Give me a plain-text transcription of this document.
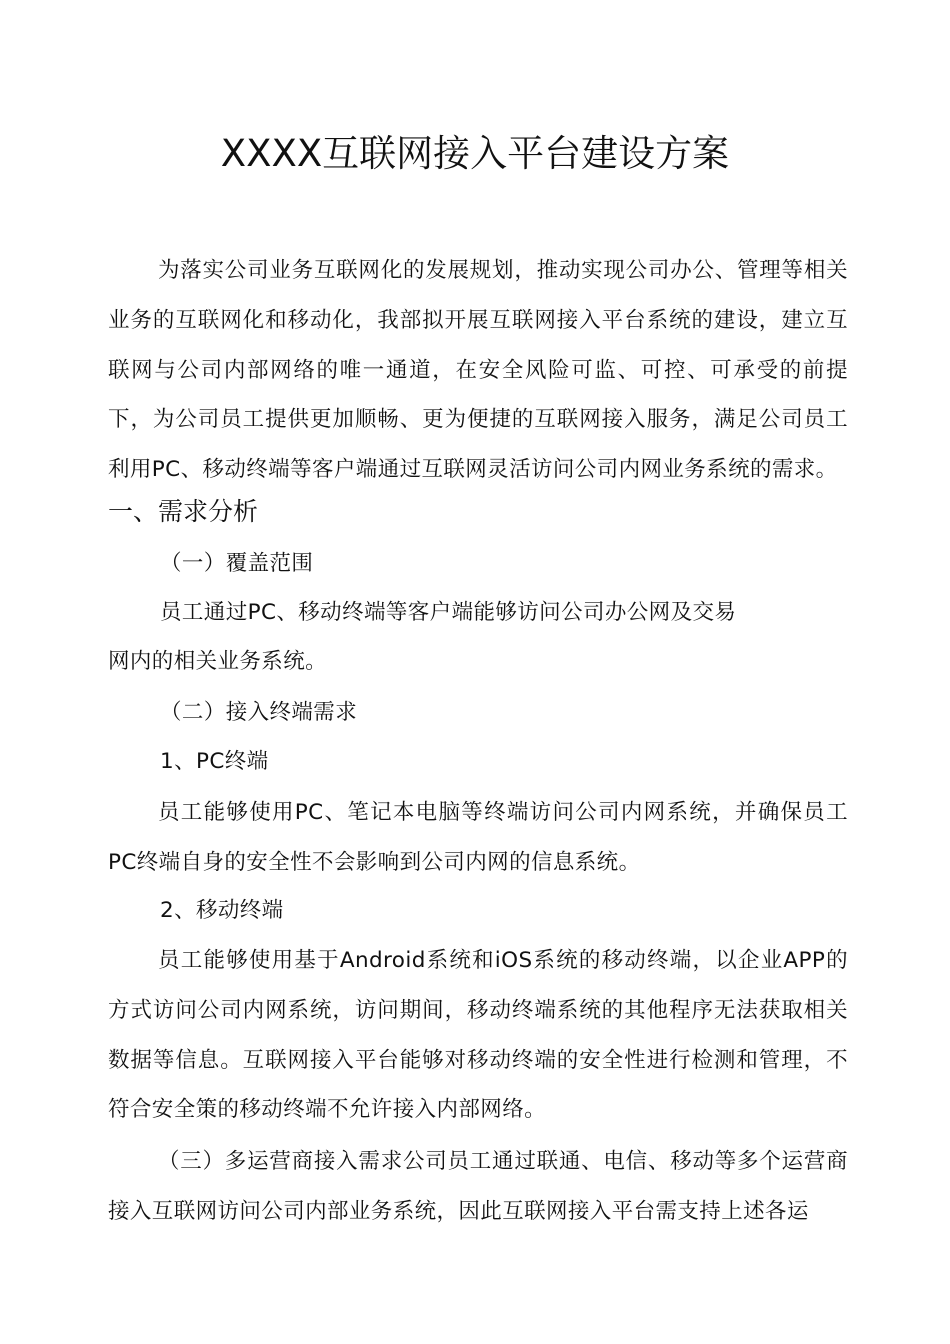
XXXX互联网接入平台建设方案
为落实公司业务互联网化的发展规划，推动实现公司办公、管理等相关业务的互联网化和移动化，我部拟开展互联网接入平台系统的建设，建立互联网与公司内部网络的唯一通道，在安全风险可监、可控、可承受的前提下，为公司员工提供更加顺畅、更为便捷的互联网接入服务，满足公司员工利用PC、移动终端等客户端通过互联网灵活访问公司内网业务系统的需求。
一、需求分析
（一）覆盖范围
员工通过PC、移动终端等客户端能够访问公司办公网及交易
网内的相关业务系统。
（二）接入终端需求
1、PC终端
员工能够使用PC、笔记本电脑等终端访问公司内网系统，并确保员工PC终端自身的安全性不会影响到公司内网的信息系统。
2、移动终端
员工能够使用基于Android系统和iOS系统的移动终端，以企业APP的方式访问公司内网系统，访问期间，移动终端系统的其他程序无法获取相关数据等信息。互联网接入平台能够对移动终端的安全性进行检测和管理，不符合安全策的移动终端不允许接入内部网络。
（三）多运营商接入需求公司员工通过联通、电信、移动等多个运营商接入互联网访问公司内部业务系统，因此互联网接入平台需支持上述各运
